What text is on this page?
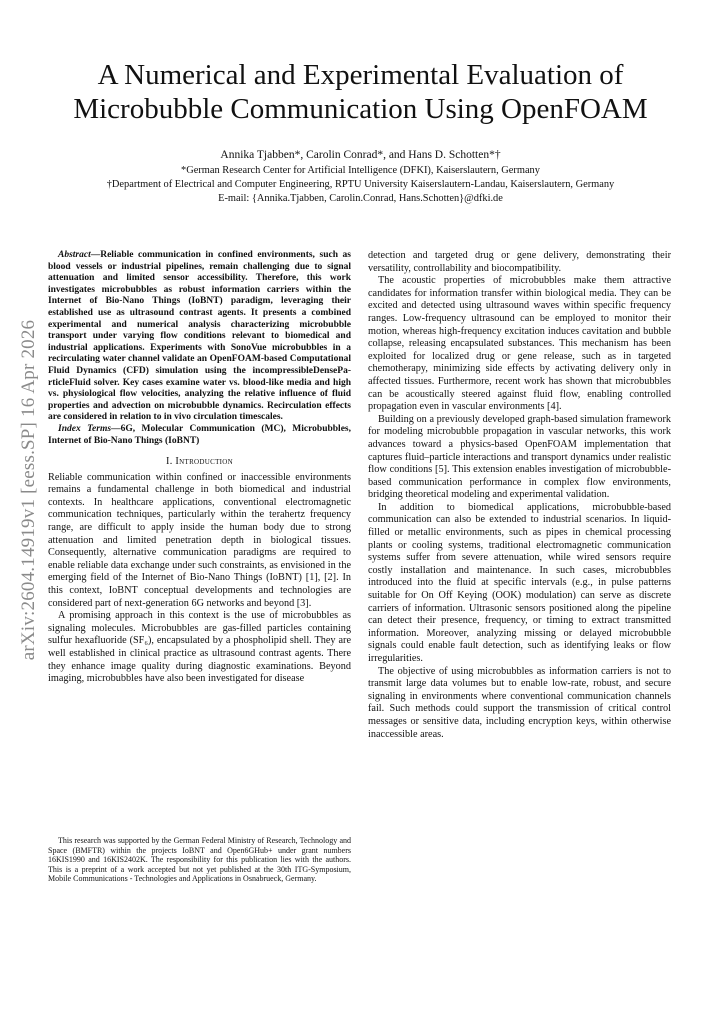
A Numerical and Experimental Evaluation of
Microbubble Communication Using OpenFOAM
Annika Tjabben*, Carolin Conrad*, and Hans D. Schotten*†
*German Research Center for Artificial Intelligence (DFKI), Kaiserslautern, Germany
†Department of Electrical and Computer Engineering, RPTU University Kaiserslautern-Landau, Kaiserslautern, Germany
E-mail: {Annika.Tjabben, Carolin.Conrad, Hans.Schotten}@dfki.de
arXiv:2604.14919v1 [eess.SP] 16 Apr 2026

Abstract—Reliable communication in confined environments, such as blood vessels or industrial pipelines, remain challenging due to signal attenuation and limited sensor accessibility. Therefore, this work investigates microbubbles as robust information carriers within the Internet of Bio-Nano Things (IoBNT) paradigm, leveraging their established use as ultrasound contrast agents. It presents a combined experimental and numerical analysis characterizing microbubble transport under varying flow conditions relevant to biomedical and industrial applications. Experiments with SonoVue microbubbles in a recirculating water channel validate an OpenFOAM-based Computational Fluid Dynamics (CFD) simulation using the incompressibleDensePa-rticleFluid solver. Key cases examine water vs. blood-like media and high vs. physiological flow velocities, analyzing the relative influence of fluid properties and advection on microbubble dynamics. Recirculation effects are considered in relation to in vivo circulation timescales.

Index Terms—6G, Molecular Communication (MC), Microbubbles, Internet of Bio-Nano Things (IoBNT)

I. Introduction

Reliable communication within confined or inaccessible environments remains a fundamental challenge in both biomedical and industrial contexts. In healthcare applications, conventional electromagnetic communication techniques, particularly within the terahertz frequency range, are difficult to apply inside the human body due to strong attenuation and limited penetration depth in biological tissues. Consequently, alternative communication paradigms are required to enable reliable data exchange under such constraints, as envisioned in the emerging field of the Internet of Bio-Nano Things (IoBNT) [1], [2]. In this context, IoBNT conceptual developments and technologies are considered part of next-generation 6G networks and beyond [3].

A promising approach in this context is the use of microbubbles as signaling molecules. Microbubbles are gas-filled particles containing sulfur hexafluoride (SF₆), encapsulated by a phospholipid shell. They are well established in clinical practice as ultrasound contrast agents. There they enhance image quality during diagnostic examinations. Beyond imaging, microbubbles have also been investigated for disease

This research was supported by the German Federal Ministry of Research, Technology and Space (BMFTR) within the projects IoBNT and Open6GHub+ under grant numbers 16KIS1990 and 16KIS2402K. The responsibility for this publication lies with the authors. This is a preprint of a work accepted but not yet published at the 30th ITG-Symposium, Mobile Communications - Technologies and Applications in Osnabrueck, Germany.

detection and targeted drug or gene delivery, demonstrating their versatility, controllability and biocompatibility.

The acoustic properties of microbubbles make them attractive candidates for information transfer within biological media. They can be excited and detected using ultrasound waves within specific frequency ranges. Low-frequency ultrasound can be employed to monitor their motion, whereas high-frequency excitation induces cavitation and bubble collapse, releasing encapsulated substances. This mechanism has been exploited for localized drug or gene release, such as in targeted chemotherapy, minimizing side effects by activating delivery only in affected tissues. Furthermore, recent work has shown that microbubbles can be acoustically steered against fluid flow, enabling controlled propagation even in vascular environments [4].

Building on a previously developed graph-based simulation framework for modeling microbubble propagation in vascular networks, this work advances toward a physics-based OpenFOAM implementation that captures fluid–particle interactions and transport dynamics under realistic flow conditions [5]. This extension enables investigation of microbubble-based communication performance in complex flow environments, bridging theoretical modeling and experimental validation.

In addition to biomedical applications, microbubble-based communication can also be extended to industrial scenarios. In liquid-filled or metallic environments, such as pipes in chemical processing plants or cooling systems, traditional electromagnetic communication systems suffer from severe attenuation, while wired sensors require costly installation and maintenance. In such cases, microbubbles introduced into the fluid at specific intervals (e.g., in pulse patterns suitable for On Off Keying (OOK) modulation) can serve as discrete carriers of information. Ultrasonic sensors positioned along the pipeline can detect their presence, frequency, or timing to extract transmitted information. Moreover, analyzing missing or delayed microbubble signals could enable fault detection, such as identifying leaks or flow irregularities.

The objective of using microbubbles as information carriers is not to transmit large data volumes but to enable low-rate, robust, and secure signaling in environments where conventional communication channels fail. Such methods could support the transmission of critical control messages or sensitive data, including encryption keys, within otherwise inaccessible areas.
